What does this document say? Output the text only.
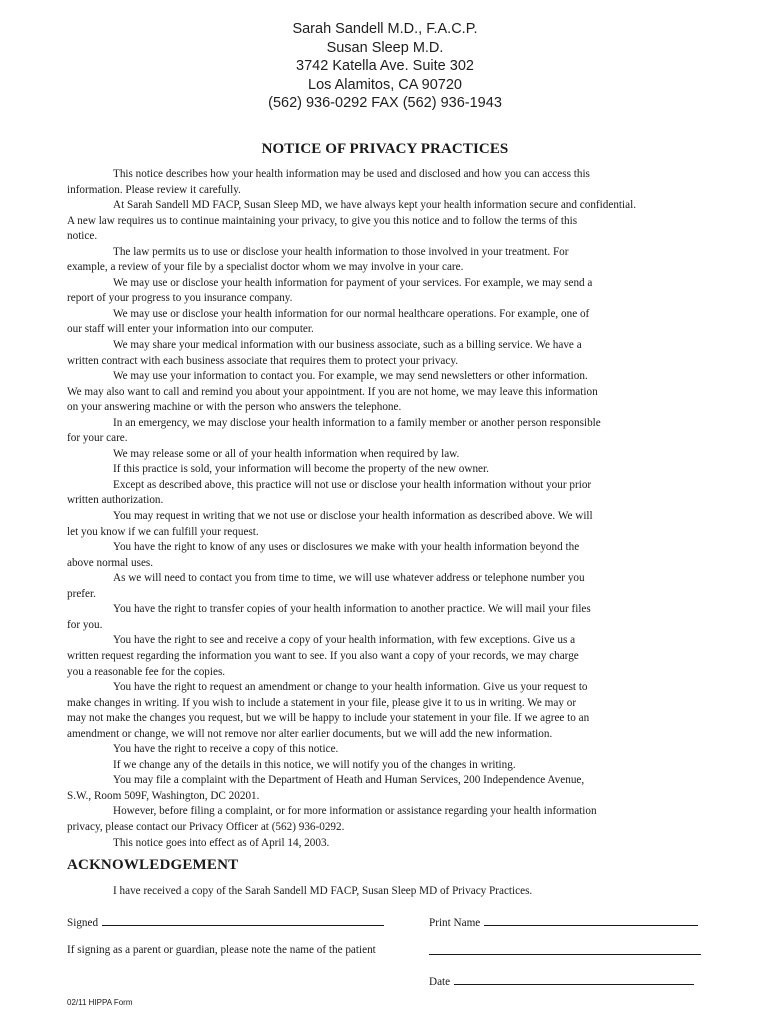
Sarah Sandell M.D., F.A.C.P.
Susan Sleep M.D.
3742 Katella Ave. Suite 302
Los Alamitos, CA 90720
(562) 936-0292 FAX (562) 936-1943
NOTICE OF PRIVACY PRACTICES
This notice describes how your health information may be used and disclosed and how you can access this
information. Please review it carefully.
At Sarah Sandell MD FACP, Susan Sleep MD, we have always kept your health information secure and confidential.
A new law requires us to continue maintaining your privacy, to give you this notice and to follow the terms of this
notice.
The law permits us to use or disclose your health information to those involved in your treatment. For
example, a review of your file by a specialist doctor whom we may involve in your care.
We may use or disclose your health information for payment of your services. For example, we may send a
report of your progress to you insurance company.
We may use or disclose your health information for our normal healthcare operations. For example, one of
our staff will enter your information into our computer.
We may share your medical information with our business associate, such as a billing service. We have a
written contract with each business associate that requires them to protect your privacy.
We may use your information to contact you. For example, we may send newsletters or other information.
We may also want to call and remind you about your appointment. If you are not home, we may leave this information
on your answering machine or with the person who answers the telephone.
In an emergency, we may disclose your health information to a family member or another person responsible
for your care.
We may release some or all of your health information when required by law.
If this practice is sold, your information will become the property of the new owner.
Except as described above, this practice will not use or disclose your health information without your prior
written authorization.
You may request in writing that we not use or disclose your health information as described above. We will
let you know if we can fulfill your request.
You have the right to know of any uses or disclosures we make with your health information beyond the
above normal uses.
As we will need to contact you from time to time, we will use whatever address or telephone number you
prefer.
You have the right to transfer copies of your health information to another practice. We will mail your files
for you.
You have the right to see and receive a copy of your health information, with few exceptions. Give us a
written request regarding the information you want to see. If you also want a copy of your records, we may charge
you a reasonable fee for the copies.
You have the right to request an amendment or change to your health information. Give us your request to
make changes in writing. If you wish to include a statement in your file, please give it to us in writing. We may or
may not make the changes you request, but we will be happy to include your statement in your file. If we agree to an
amendment or change, we will not remove nor alter earlier documents, but we will add the new information.
You have the right to receive a copy of this notice.
If we change any of the details in this notice, we will notify you of the changes in writing.
You may file a complaint with the Department of Heath and Human Services, 200 Independence Avenue,
S.W., Room 509F, Washington, DC 20201.
However, before filing a complaint, or for more information or assistance regarding your health information
privacy, please contact our Privacy Officer at (562) 936-0292.
This notice goes into effect as of April 14, 2003.
ACKNOWLEDGEMENT
I have received a copy of the Sarah Sandell MD FACP, Susan Sleep MD of Privacy Practices.
Signed	Print Name
If signing as a parent or guardian, please note the name of the patient
Date
02/11 HIPPA Form
